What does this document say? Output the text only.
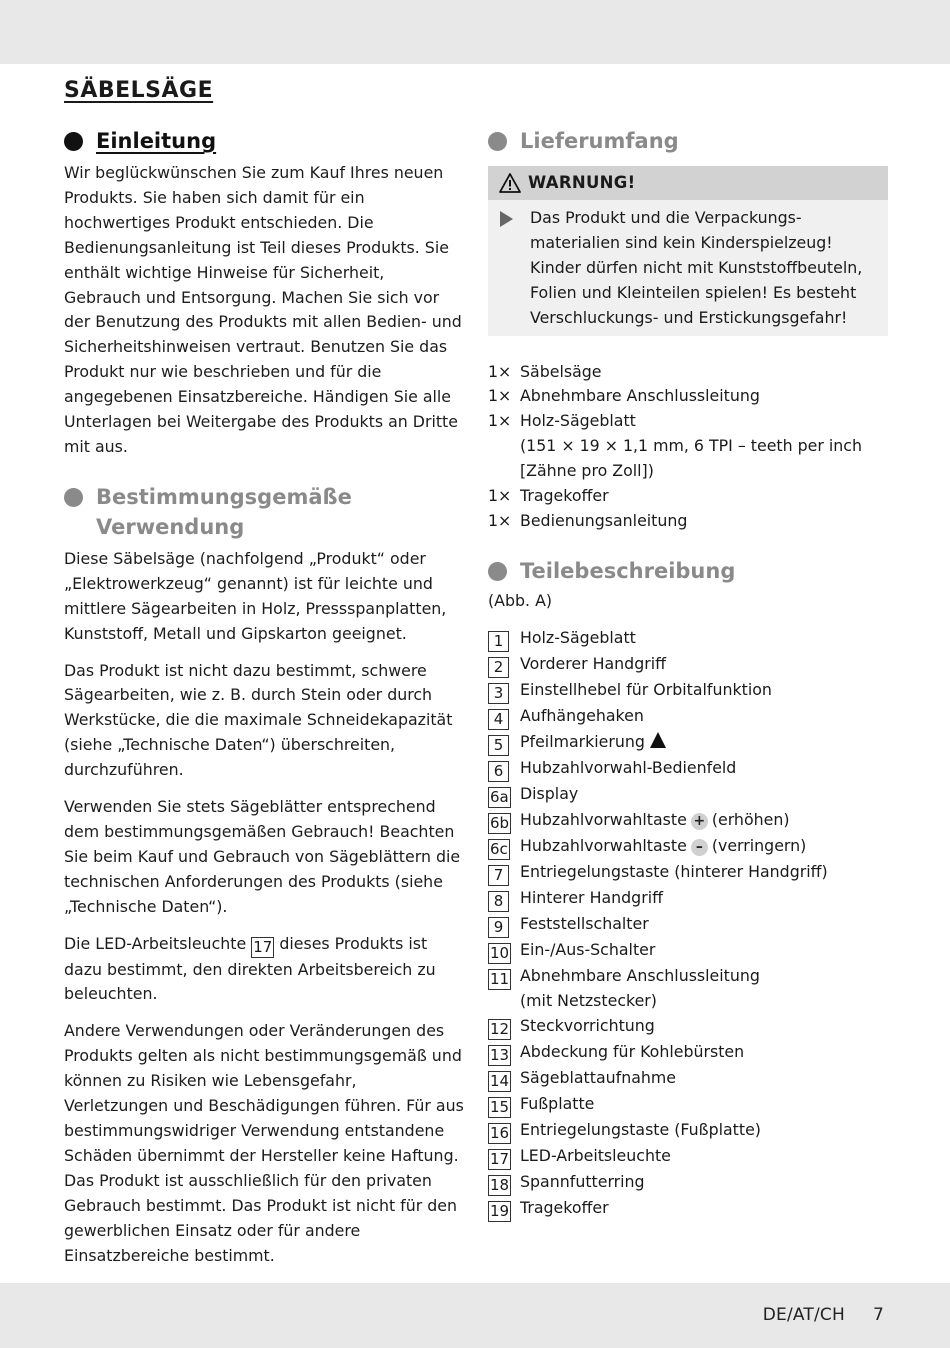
SÄBELSÄGE
Einleitung

Wir beglückwünschen Sie zum Kauf Ihres neuen Produkts. Sie haben sich damit für ein hochwertiges Produkt entschieden. Die Bedienungsanleitung ist Teil dieses Produkts. Sie enthält wichtige Hinweise für Sicherheit, Gebrauch und Entsorgung. Machen Sie sich vor der Benutzung des Produkts mit allen Bedien- und Sicherheitshinweisen vertraut. Benutzen Sie das Produkt nur wie beschrieben und für die angegebenen Einsatzbereiche. Händigen Sie alle Unterlagen bei Weitergabe des Produkts an Dritte mit aus.

Bestimmungsgemäße
Verwendung

Diese Säbelsäge (nachfolgend „Produkt“ oder „Elektrowerkzeug“ genannt) ist für leichte und mittlere Sägearbeiten in Holz, Pressspanplatten, Kunststoff, Metall und Gipskarton geeignet.

Das Produkt ist nicht dazu bestimmt, schwere Sägearbeiten, wie z. B. durch Stein oder durch Werkstücke, die die maximale Schneidekapazität (siehe „Technische Daten“) überschreiten, durchzuführen.

Verwenden Sie stets Sägeblätter entsprechend dem bestimmungsgemäßen Gebrauch! Beachten Sie beim Kauf und Gebrauch von Sägeblättern die technischen Anforderungen des Produkts (siehe „Technische Daten“).

Die LED-Arbeitsleuchte 17 dieses Produkts ist dazu bestimmt, den direkten Arbeitsbereich zu beleuchten.

Andere Verwendungen oder Veränderungen des Produkts gelten als nicht bestimmungsgemäß und können zu Risiken wie Lebensgefahr, Verletzungen und Beschädigungen führen. Für aus bestimmungswidriger Verwendung entstandene Schäden übernimmt der Hersteller keine Haftung. Das Produkt ist ausschließlich für den privaten Gebrauch bestimmt. Das Produkt ist nicht für den gewerblichen Einsatz oder für andere Einsatzbereiche bestimmt.

Lieferumfang
WARNUNG!
Das Produkt und die Verpackungsmaterialien sind kein Kinderspielzeug! Kinder dürfen nicht mit Kunststoffbeuteln, Folien und Kleinteilen spielen! Es besteht Verschluckungs- und Erstickungsgefahr!
1× Säbelsäge
1× Abnehmbare Anschlussleitung
1× Holz-Sägeblatt
(151 × 19 × 1,1 mm, 6 TPI – teeth per inch
[Zähne pro Zoll])
1× Tragekoffer
1× Bedienungsanleitung
Teilebeschreibung

(Abb. A)

1	Holz-Sägeblatt
2	Vorderer Handgriff
3	Einstellhebel für Orbitalfunktion
4	Aufhängehaken
5	Pfeilmarkierung
6	Hubzahlvorwahl-Bedienfeld
6a Display
6b Hubzahlvorwahltaste + (erhöhen)
6c Hubzahlvorwahltaste – (verringern)
7	Entriegelungstaste (hinterer Handgriff)
8	Hinterer Handgriff
9	Feststellschalter
10 Ein-/Aus-Schalter
11 Abnehmbare Anschlussleitung
(mit Netzstecker)
12 Steckvorrichtung
13 Abdeckung für Kohlebürsten
14 Sägeblattaufnahme
15 Fußplatte
16 Entriegelungstaste (Fußplatte)
17 LED-Arbeitsleuchte
18 Spannfutterring
19 Tragekoffer
DE/AT/CH 7
